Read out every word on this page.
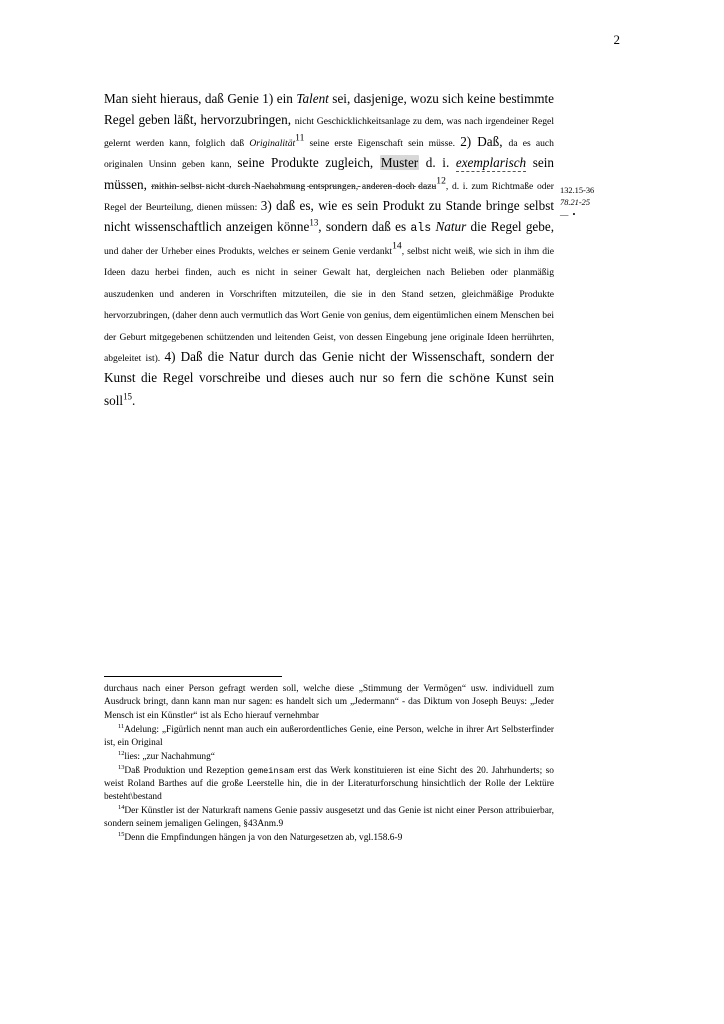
2
Man sieht hieraus, daß Genie 1) ein Talent sei, dasjenige, wozu sich keine bestimmte Regel geben läßt, hervorzubringen, nicht Geschicklichkeitsanlage zu dem, was nach irgendeiner Regel gelernt werden kann, folglich daß Originalität$^{11}$ seine erste Eigenschaft sein müsse. 2) Daß, da es auch originalen Unsinn geben kann, seine Produkte zugleich, Muster d. i. exemplarisch sein müssen, mithin selbst nicht durch Nachahmung entsprungen, anderen doch dazu$^{12}$, d. i. zum Richtmaße oder Regel der Beurteilung, dienen müssen: 3) daß es, wie es sein Produkt zu Stande bringe selbst nicht wissenschaftlich anzeigen könne$^{13}$, sondern daß es als Natur die Regel gebe, und daher der Urheber eines Produkts, welches er seinem Genie verdankt$^{14}$, selbst nicht weiß, wie sich in ihm die Ideen dazu herbei finden, auch es nicht in seiner Gewalt hat, dergleichen nach Belieben oder planmäßig auszudenken und anderen in Vorschriften mitzuteilen, die sie in den Stand setzen, gleichmäßige Produkte hervorzubringen, (daher denn auch vermutlich das Wort Genie von genius, dem eigentümlichen einem Menschen bei der Geburt mitgegebenen schützenden und leitenden Geist, von dessen Eingebung jene originale Ideen herrührten, abgeleitet ist). 4) Daß die Natur durch das Genie nicht der Wissenschaft, sondern der Kunst die Regel vorschreibe und dieses auch nur so fern die schöne Kunst sein soll$^{15}$.
132.15-36
78.21-25
— •

durchaus nach einer Person gefragt werden soll, welche diese „Stimmung der Vermögen“ usw. individuell zum Ausdruck bringt, dann kann man nur sagen: es handelt sich um „Jedermann“ - das Diktum von Joseph Beuys: „Jeder Mensch ist ein Künstler“ ist als Echo hierauf vernehmbar

$^{11}$Adelung: „Figürlich nennt man auch ein außerordentliches Genie, eine Person, welche in ihrer Art Selbsterfinder ist, ein Original

$^{12}$lies: „zur Nachahmung“

$^{13}$Daß Produktion und Rezeption gemeinsam erst das Werk konstituieren ist eine Sicht des 20. Jahrhunderts; so weist Roland Barthes auf die große Leerstelle hin, die in der Literaturforschung hinsichtlich der Rolle der Lektüre besteht\bestand

$^{14}$Der Künstler ist der Naturkraft namens Genie passiv ausgesetzt und das Genie ist nicht einer Person attribuierbar, sondern seinem jemaligen Gelingen, §43Anm.9

$^{15}$Denn die Empfindungen hängen ja von den Naturgesetzen ab, vgl.158.6-9
